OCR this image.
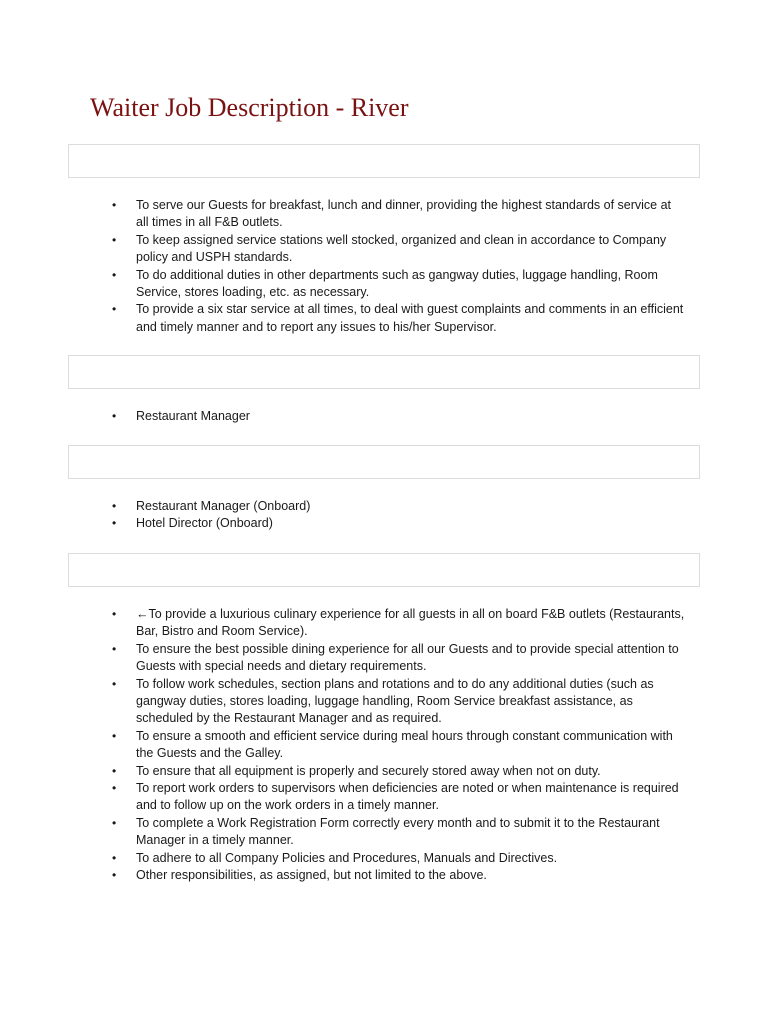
Waiter Job Description - River
• To serve our Guests for breakfast, lunch and dinner, providing the highest standards of service at all times in all F&B outlets.
• To keep assigned service stations well stocked, organized and clean in accordance to Company policy and USPH standards.
• To do additional duties in other departments such as gangway duties, luggage handling, Room Service, stores loading, etc. as necessary.
• To provide a six star service at all times, to deal with guest complaints and comments in an efficient and timely manner and to report any issues to his/her Supervisor.
• Restaurant Manager
• Restaurant Manager (Onboard)
• Hotel Director (Onboard)
• ←To provide a luxurious culinary experience for all guests in all on board F&B outlets (Restaurants, Bar, Bistro and Room Service).
• To ensure the best possible dining experience for all our Guests and to provide special attention to Guests with special needs and dietary requirements.
• To follow work schedules, section plans and rotations and to do any additional duties (such as gangway duties, stores loading, luggage handling, Room Service breakfast assistance, as scheduled by the Restaurant Manager and as required.
• To ensure a smooth and efficient service during meal hours through constant communication with the Guests and the Galley.
• To ensure that all equipment is properly and securely stored away when not on duty.
• To report work orders to supervisors when deficiencies are noted or when maintenance is required and to follow up on the work orders in a timely manner.
• To complete a Work Registration Form correctly every month and to submit it to the Restaurant Manager in a timely manner.
• To adhere to all Company Policies and Procedures, Manuals and Directives.
• Other responsibilities, as assigned, but not limited to the above.
